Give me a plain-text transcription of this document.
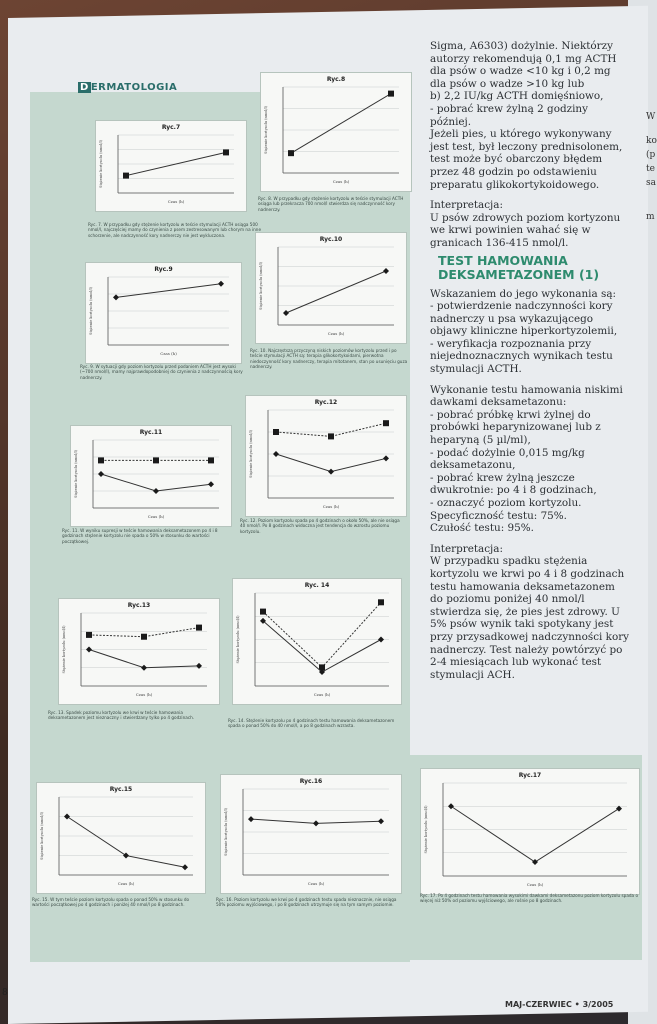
D ERMATOLOGIA
Ryc.7
Stężenie kortyzolu (nmol/l)
Czas (h)
Ryc. 7. W przypadku gdy stężenie kortyzolu w teście stymulacji ACTH osiąga 500 nmol/l, najczęściej mamy do czynienia z psem zestresowanym lub chorym na inne schorzenie, ale nadczynność kory nadnerczy nie jest wykluczona.
Ryc.8
Stężenie kortyzolu (nmol/l)
Czas (h)
Ryc. 8. W przypadku gdy stężenie kortyzolu w teście stymulacji ACTH osiąga lub przekracza 700 nmol/l stwierdza się nadczynność kory nadnerczy.
Ryc.9
Stężenie kortyzolu (nmol/l)
Czas (h)
Ryc. 9. W sytuacji gdy poziom kortyzolu przed podaniem ACTH jest wysoki (~700 nmol/l), mamy najprawdopodobniej do czynienia z nadczynnością kory nadnerczy.
Ryc.10
Stężenie kortyzolu (nmol/l)
Czas (h)
Ryc. 10. Najczęstszą przyczyną niskich poziomów kortyzolu przed i po teście stymulacji ACTH są: terapia glikokortykoidami, pierwotna niedoczynność kory nadnerczy, terapia mitotanem, stan po usunięciu guza nadnerczy.
Ryc.11
Stężenie kortyzolu (nmol/l)
Czas (h)
Ryc. 11. W wyniku supresji w teście hamowania deksametazonem po 4 i 8 godzinach stężenie kortyzolu nie spada o 50% w stosunku do wartości początkowej.
Ryc.12
Stężenie kortyzolu (nmol/l)
Czas (h)
Ryc. 12. Poziom kortyzolu spada po 4 godzinach o około 50%, ale nie osiąga 40 nmol/l. Po 8 godzinach widoczna jest tendencja do wzrostu poziomu kortyzolu.
Ryc.13
Stężenie kortyzolu (nmol/l)
Czas (h)
Ryc. 13. Spadek poziomu kortyzolu we krwi w teście hamowania deksametazonem jest nieznaczny i stwierdzany tylko po 4 godzinach.
Ryc. 14
Stężenie kortyzolu (nmol/l)
Czas (h)
Ryc. 14. Stężenie kortyzolu po 4 godzinach testu hamowania deksametazonem spada o ponad 50% do 40 nmol/l, a po 8 godzinach wzrasta.
Ryc.15
Stężenie kortyzolu (nmol/l)
Czas (h)
Ryc. 15. W tym teście poziom kortyzolu spada o ponad 50% w stosunku do wartości początkowej po 4 godzinach i poniżej 40 nmol/l po 8 godzinach.
Ryc.16
Stężenie kortyzolu (nmol/l)
Czas (h)
Ryc. 16. Poziom kortyzolu we krwi po 4 godzinach testu spada nieznacznie, nie osiąga 50% poziomu wyjściowego, i po 8 godzinach utrzymuje się na tym samym poziomie.
Ryc.17
Stężenie kortyzolu (nmol/l)
Czas (h)
Ryc. 17. Po 4 godzinach testu hamowania wysokimi dawkami deksametazonu poziom kortyzolu spada o więcej niż 50% od poziomu wyjściowego, ale rośnie po 8 godzinach.

Sigma, A6303) dożylnie. Niektórzy autorzy rekomendują 0,1 mg ACTH dla psów o wadze <10 kg i 0,2 mg dla psów o wadze >10 kg lub

b) 2,2 IU/kg ACTH domięśniowo,

- pobrać krew żylną 2 godziny później.

Jeżeli pies, u którego wykonywany jest test, był leczony prednisolonem, test może być obarczony błędem przez 48 godzin po odstawieniu preparatu glikokortykoidowego.

Interpretacja:

U psów zdrowych poziom kortyzonu we krwi powinien wahać się w granicach 136-415 nmol/l.

TEST HAMOWANIA DEKSAMETAZONEM (1)

Wskazaniem do jego wykonania są:

- potwierdzenie nadczynności kory nadnerczy u psa wykazującego objawy kliniczne hiperkortyzolemii,

- weryfikacja rozpoznania przy niejednoznacznych wynikach testu stymulacji ACTH.

Wykonanie testu hamowania niskimi dawkami deksametazonu:

- pobrać próbkę krwi żylnej do probówki heparynizowanej lub z heparyną (5 µl/ml),

- podać dożylnie 0,015 mg/kg deksametazonu,

- pobrać krew żylną jeszcze dwukrotnie: po 4 i 8 godzinach,

- oznaczyć poziom kortyzolu.

Specyficzność testu: 75%.

Czułość testu: 95%.

Interpretacja:

W przypadku spadku stężenia kortyzolu we krwi po 4 i 8 godzinach testu hamowania deksametazonem do poziomu poniżej 40 nmol/l stwierdza się, że pies jest zdrowy. U 5% psów wynik taki spotykany jest przy przysadkowej nadczynności kory nadnerczy. Test należy powtórzyć po 2-4 miesiącach lub wykonać test stymulacji ACH.

8
MAJ-CZERWIEC • 3/2005
W
ko
(p
te
sa
m
